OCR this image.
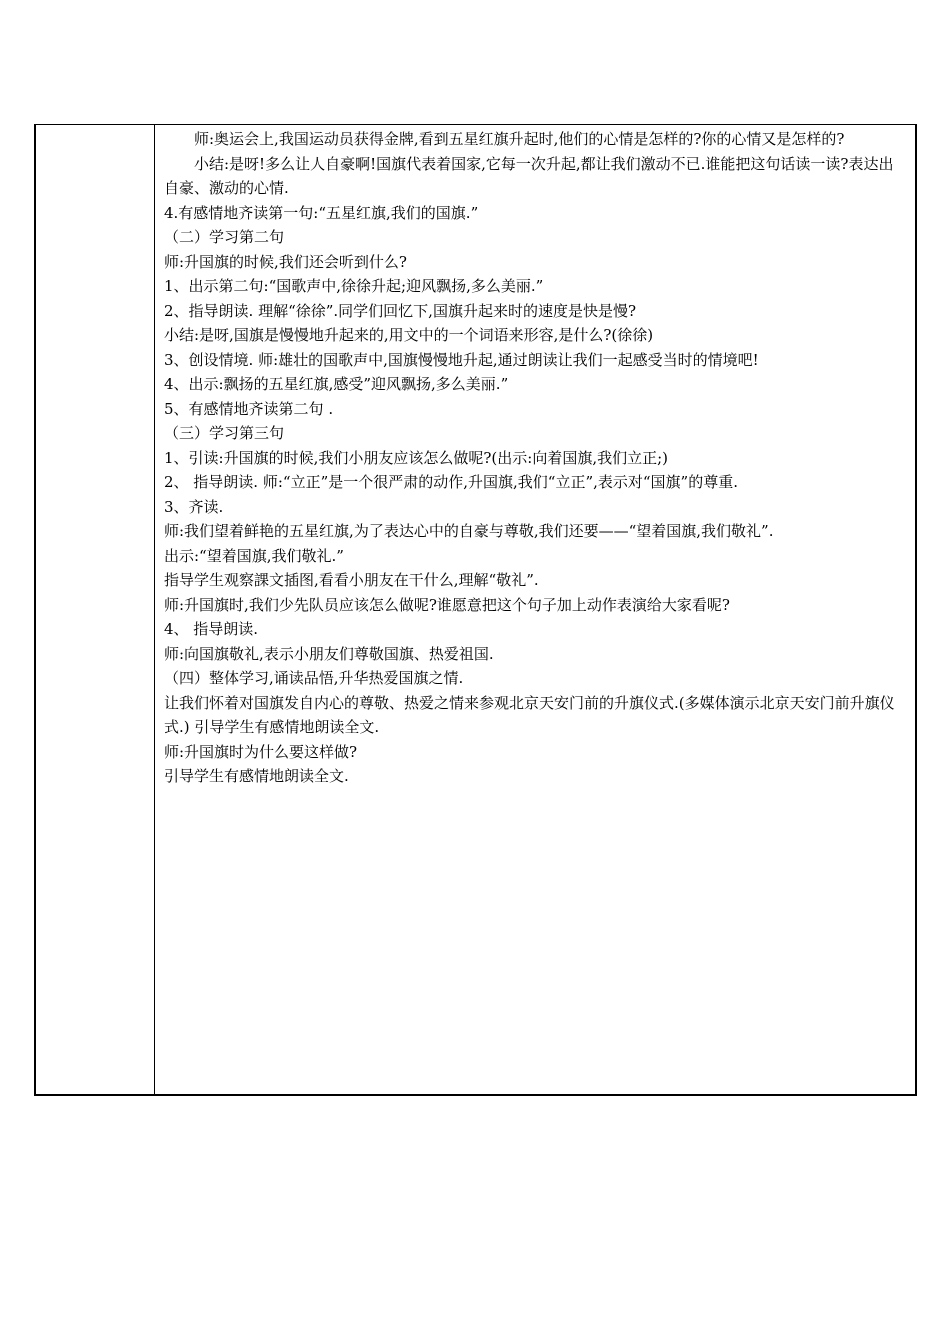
　　师:奥运会上,我国运动员获得金牌,看到五星红旗升起时,他们的心情是怎样的?你的心情又是怎样的?

　　小结:是呀!多么让人自豪啊!国旗代表着国家,它每一次升起,都让我们激动不已.谁能把这句话读一读?表达出自豪、激动的心情.

4.有感情地齐读第一句:“五星红旗,我们的国旗.”

（二）学习第二句

师:升国旗的时候,我们还会听到什么?

1、出示第二句:“国歌声中,徐徐升起;迎风飘扬,多么美丽.”

2、指导朗读. 理解“徐徐”.同学们回忆下,国旗升起来时的速度是快是慢?

小结:是呀,国旗是慢慢地升起来的,用文中的一个词语来形容,是什么?(徐徐)

3、创设情境. 师:雄壮的国歌声中,国旗慢慢地升起,通过朗读让我们一起感受当时的情境吧!

4、出示:飘扬的五星红旗,感受”迎风飘扬,多么美丽.”

5、有感情地齐读第二句 .

（三）学习第三句

1、引读:升国旗的时候,我们小朋友应该怎么做呢?(出示:向着国旗,我们立正;)

2、 指导朗读. 师:“立正”是一个很严肃的动作,升国旗,我们“立正”,表示对“国旗”的尊重.

3、齐读.

师:我们望着鲜艳的五星红旗,为了表达心中的自豪与尊敬,我们还要——“望着国旗,我们敬礼”.

出示:“望着国旗,我们敬礼.”

指导学生观察課文插图,看看小朋友在干什么,理解“敬礼”.

师:升国旗时,我们少先队员应该怎么做呢?谁愿意把这个句子加上动作表演给大家看呢?

4、 指导朗读.

师:向国旗敬礼,表示小朋友们尊敬国旗、热爱祖国.

（四）整体学习,诵读品悟,升华热爱国旗之情.

让我们怀着对国旗发自内心的尊敬、热爱之情来参观北京天安门前的升旗仪式.(多媒体演示北京天安门前升旗仪式.) 引导学生有感情地朗读全文.

师:升国旗时为什么要这样做?

引导学生有感情地朗读全文.
